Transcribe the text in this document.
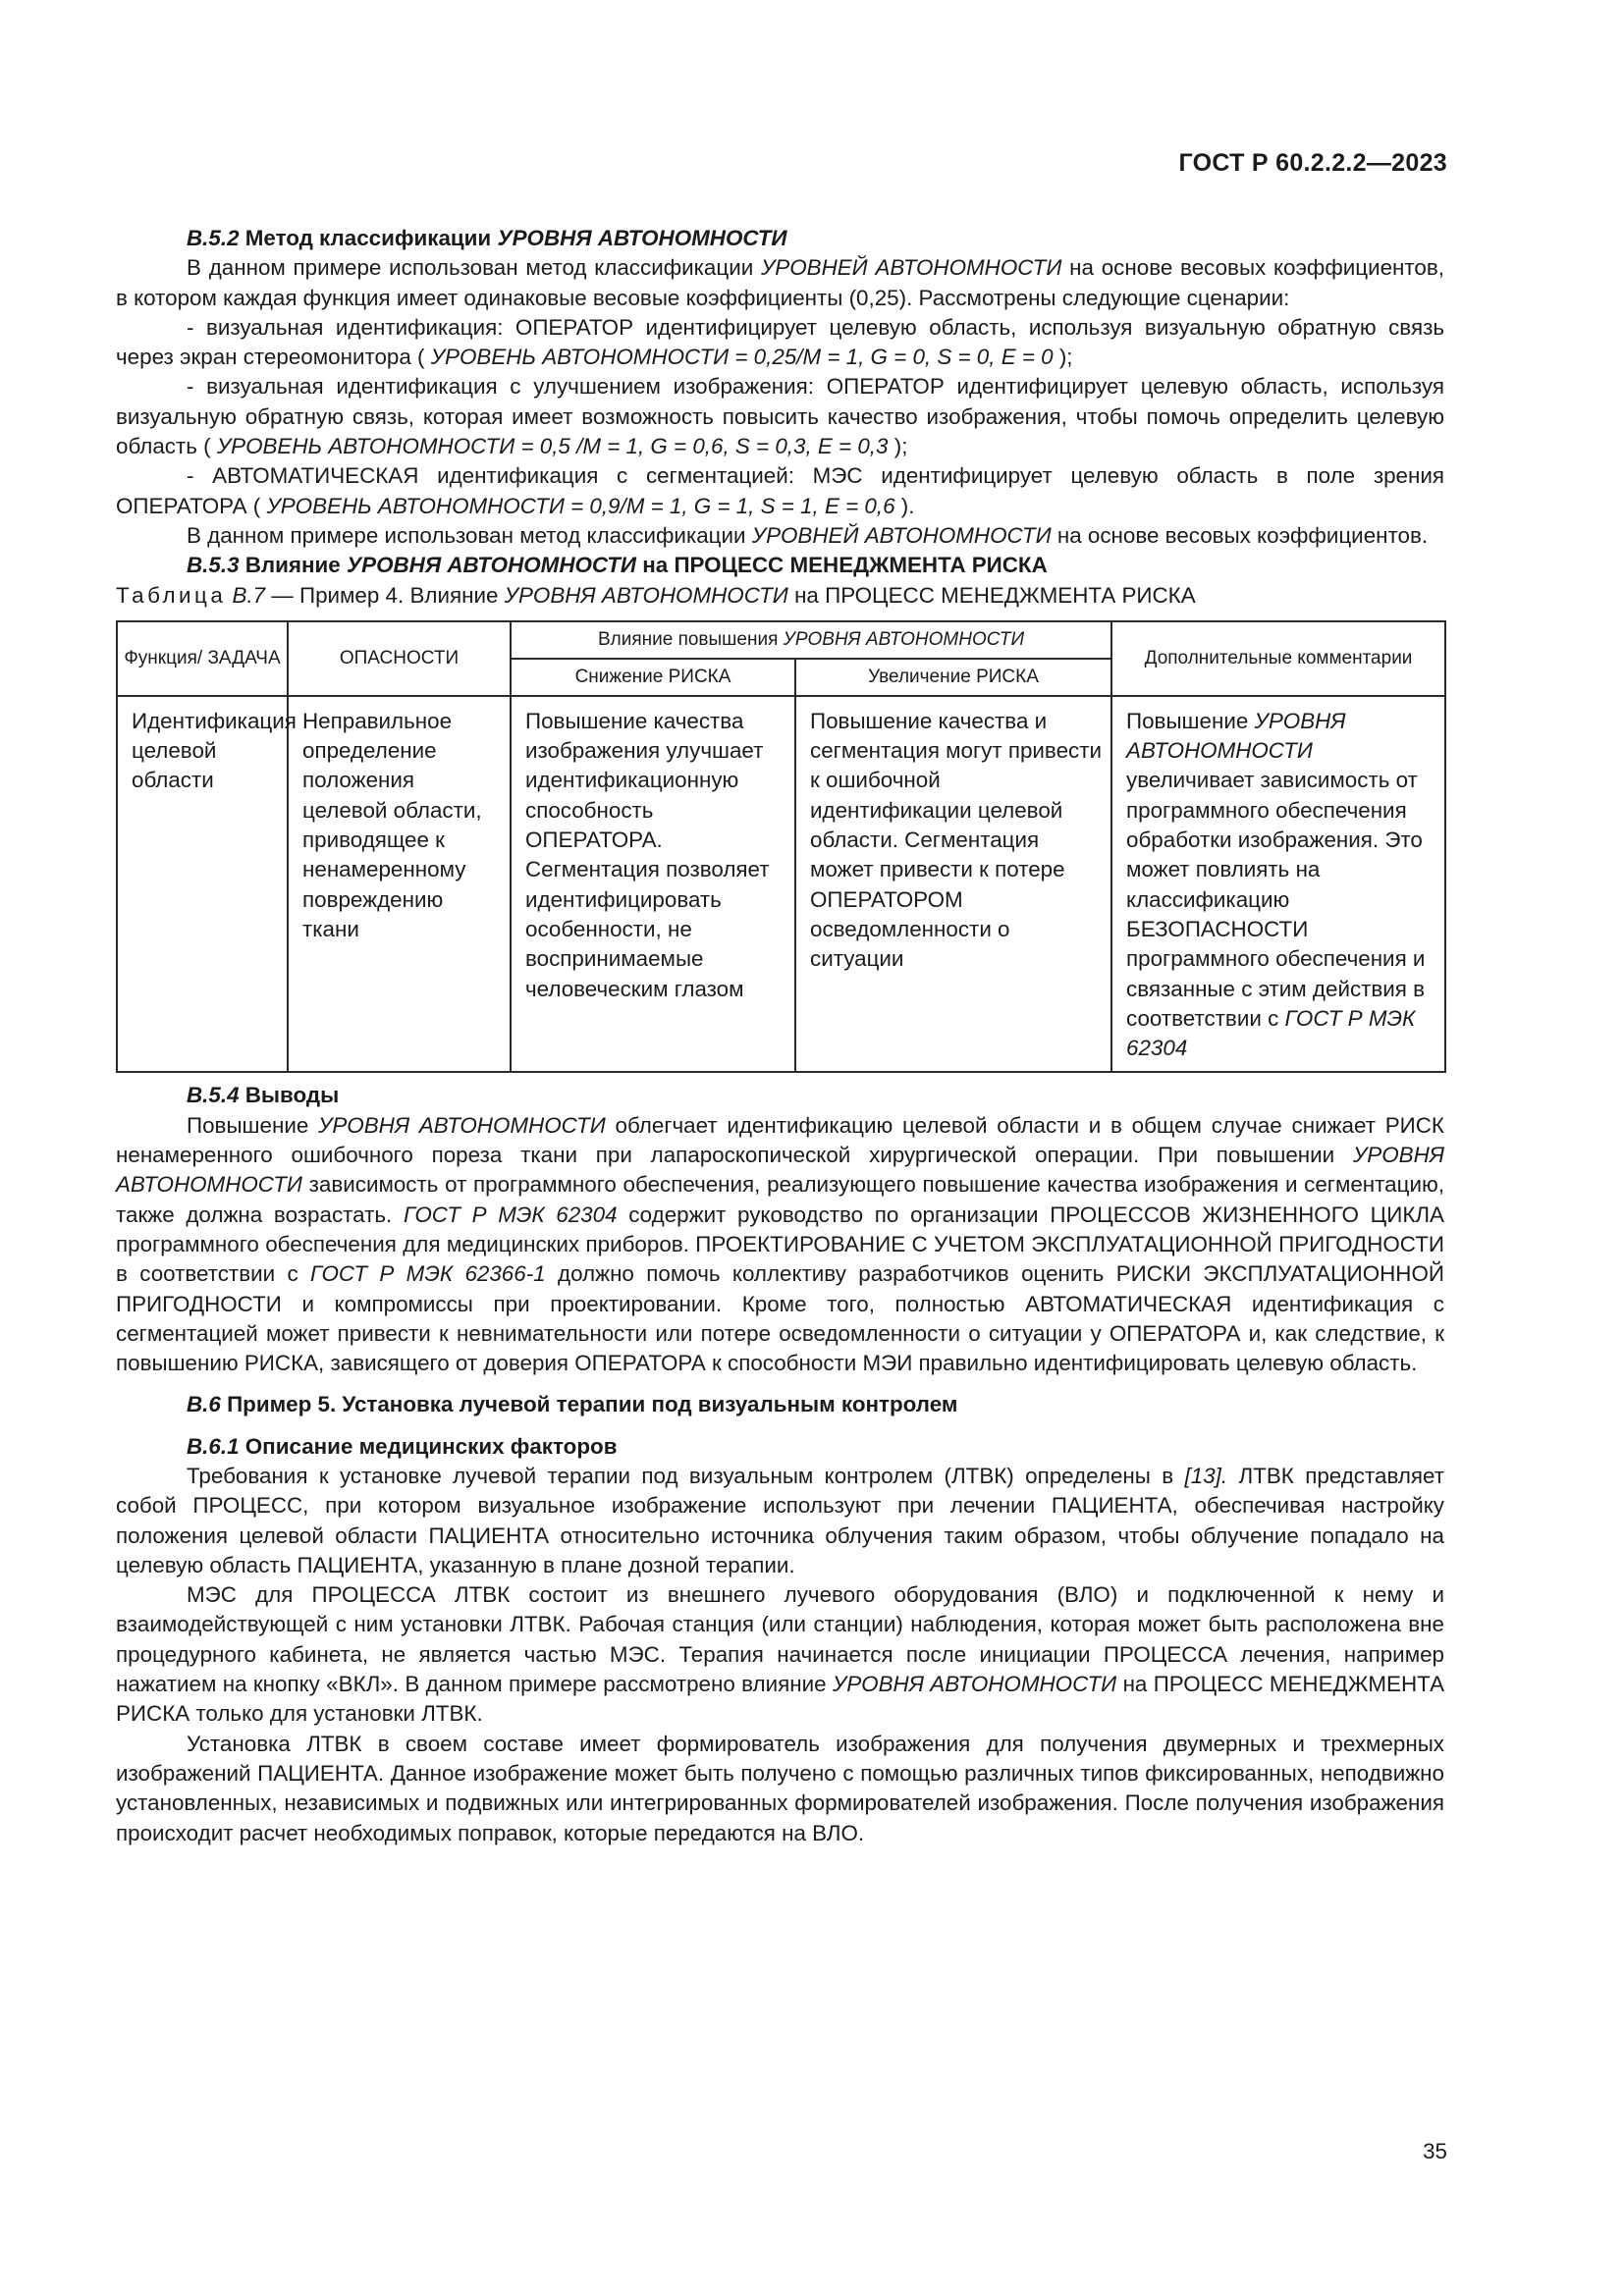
ГОСТ Р 60.2.2.2—2023

В.5.2 Метод классификации УРОВНЯ АВТОНОМНОСТИ

В данном примере использован метод классификации УРОВНЕЙ АВТОНОМНОСТИ на основе весовых коэффициентов, в котором каждая функция имеет одинаковые весовые коэффициенты (0,25). Рассмотрены следующие сценарии:

- визуальная идентификация: ОПЕРАТОР идентифицирует целевую область, используя визуальную обратную связь через экран стереомонитора ( УРОВЕНЬ АВТОНОМНОСТИ = 0,25/M = 1, G = 0, S = 0, E = 0 );

- визуальная идентификация с улучшением изображения: ОПЕРАТОР идентифицирует целевую область, используя визуальную обратную связь, которая имеет возможность повысить качество изображения, чтобы помочь определить целевую область ( УРОВЕНЬ АВТОНОМНОСТИ = 0,5 /M = 1, G = 0,6, S = 0,3, E = 0,3 );

- АВТОМАТИЧЕСКАЯ идентификация с сегментацией: МЭС идентифицирует целевую область в поле зрения ОПЕРАТОРА ( УРОВЕНЬ АВТОНОМНОСТИ = 0,9/M = 1, G = 1, S = 1, E = 0,6 ).

В данном примере использован метод классификации УРОВНЕЙ АВТОНОМНОСТИ на основе весовых коэффициентов.

В.5.3 Влияние УРОВНЯ АВТОНОМНОСТИ на ПРОЦЕСС МЕНЕДЖМЕНТА РИСКА

Таблица В.7 — Пример 4. Влияние УРОВНЯ АВТОНОМНОСТИ на ПРОЦЕСС МЕНЕДЖМЕНТА РИСКА

Функция/ ЗАДАЧА	ОПАСНОСТИ	Влияние повышения УРОВНЯ АВТОНОМНОСТИ		Дополнительные комментарии
		Снижение РИСКА	Увеличение РИСКА	
Идентификация целевой области	Неправильное определение положения целевой области, приводящее к ненамеренному повреждению ткани	Повышение качества изображения улучшает идентификационную способность ОПЕРАТОРА. Сегментация позволяет идентифицировать особенности, не воспринимаемые человеческим глазом	Повышение качества и сегментация могут привести к ошибочной идентификации целевой области. Сегментация может привести к потере ОПЕРАТОРОМ осведомленности о ситуации	Повышение УРОВНЯ АВТОНОМНОСТИ увеличивает зависимость от программного обеспечения обработки изображения. Это может повлиять на классификацию БЕЗОПАСНОСТИ программного обеспечения и связанные с этим действия в соответствии с ГОСТ Р МЭК 62304

В.5.4 Выводы

Повышение УРОВНЯ АВТОНОМНОСТИ облегчает идентификацию целевой области и в общем случае снижает РИСК ненамеренного ошибочного пореза ткани при лапароскопической хирургической операции. При повышении УРОВНЯ АВТОНОМНОСТИ зависимость от программного обеспечения, реализующего повышение качества изображения и сегментацию, также должна возрастать. ГОСТ Р МЭК 62304 содержит руководство по организации ПРОЦЕССОВ ЖИЗНЕННОГО ЦИКЛА программного обеспечения для медицинских приборов. ПРОЕКТИРОВАНИЕ С УЧЕТОМ ЭКСПЛУАТАЦИОННОЙ ПРИГОДНОСТИ в соответствии с ГОСТ Р МЭК 62366-1 должно помочь коллективу разработчиков оценить РИСКИ ЭКСПЛУАТАЦИОННОЙ ПРИГОДНОСТИ и компромиссы при проектировании. Кроме того, полностью АВТОМАТИЧЕСКАЯ идентификация с сегментацией может привести к невнимательности или потере осведомленности о ситуации у ОПЕРАТОРА и, как следствие, к повышению РИСКА, зависящего от доверия ОПЕРАТОРА к способности МЭИ правильно идентифицировать целевую область.

В.6 Пример 5. Установка лучевой терапии под визуальным контролем

В.6.1 Описание медицинских факторов

Требования к установке лучевой терапии под визуальным контролем (ЛТВК) определены в [13]. ЛТВК представляет собой ПРОЦЕСС, при котором визуальное изображение используют при лечении ПАЦИЕНТА, обеспечивая настройку положения целевой области ПАЦИЕНТА относительно источника облучения таким образом, чтобы облучение попадало на целевую область ПАЦИЕНТА, указанную в плане дозной терапии.

МЭС для ПРОЦЕССА ЛТВК состоит из внешнего лучевого оборудования (ВЛО) и подключенной к нему и взаимодействующей с ним установки ЛТВК. Рабочая станция (или станции) наблюдения, которая может быть расположена вне процедурного кабинета, не является частью МЭС. Терапия начинается после инициации ПРОЦЕССА лечения, например нажатием на кнопку «ВКЛ». В данном примере рассмотрено влияние УРОВНЯ АВТОНОМНОСТИ на ПРОЦЕСС МЕНЕДЖМЕНТА РИСКА только для установки ЛТВК.

Установка ЛТВК в своем составе имеет формирователь изображения для получения двумерных и трехмерных изображений ПАЦИЕНТА. Данное изображение может быть получено с помощью различных типов фиксированных, неподвижно установленных, независимых и подвижных или интегрированных формирователей изображения. После получения изображения происходит расчет необходимых поправок, которые передаются на ВЛО.

35
